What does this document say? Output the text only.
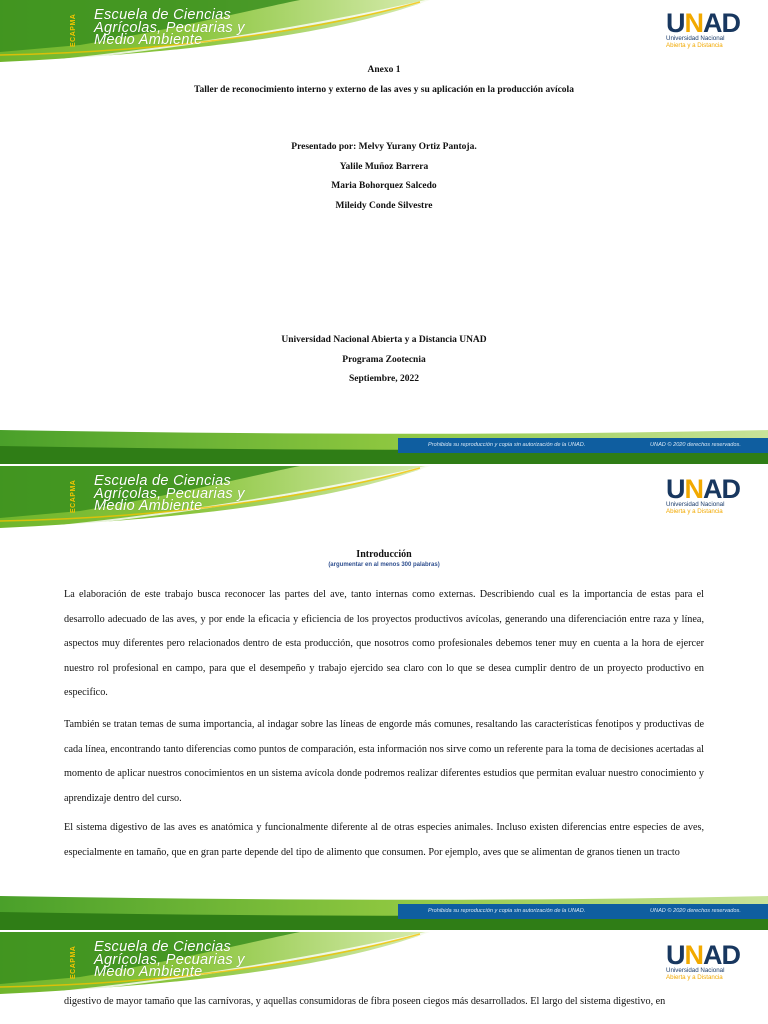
ECAPMA	Escuela de Ciencias
Agrícolas, Pecuarias y
Medio Ambiente
UNAD
Universidad Nacional
Abierta y a Distancia
Anexo 1
Taller de reconocimiento interno y externo de las aves y su aplicación en la producción avícola
Presentado por: Melvy Yurany Ortiz Pantoja.
Yalile Muñoz Barrera
Maria Bohorquez Salcedo
Mileidy Conde Silvestre
Universidad Nacional Abierta y a Distancia UNAD
Programa Zootecnia
Septiembre, 2022
Prohibida su reproducción y copia sin autorización de la UNAD.	UNAD © 2020 derechos reservados.
ECAPMA	Escuela de Ciencias
Agrícolas, Pecuarias y
Medio Ambiente
UNAD
Universidad Nacional
Abierta y a Distancia
Introducción
(argumentar en al menos 300 palabras)
La elaboración de este trabajo busca reconocer las partes del ave, tanto internas como externas. Describiendo cual es la importancia de estas para el desarrollo adecuado de las aves, y por ende la eficacia y eficiencia de los proyectos productivos avícolas, generando una diferenciación entre raza y línea, aspectos muy diferentes pero relacionados dentro de esta producción, que nosotros como profesionales debemos tener muy en cuenta a la hora de ejercer nuestro rol profesional en campo, para que el desempeño y trabajo ejercido sea claro con lo que se desea cumplir dentro de un proyecto productivo en especifico.
También se tratan temas de suma importancia, al indagar sobre las líneas de engorde más comunes, resaltando las características fenotipos y productivas de cada línea, encontrando tanto diferencias como puntos de comparación, esta información nos sirve como un referente para la toma de decisiones acertadas al momento de aplicar nuestros conocimientos en un sistema avícola donde podremos realizar diferentes estudios que permitan evaluar nuestro conocimiento y aprendizaje dentro del curso.
El sistema digestivo de las aves es anatómica y funcionalmente diferente al de otras especies animales. Incluso existen diferencias entre especies de aves, especialmente en tamaño, que en gran parte depende del tipo de alimento que consumen. Por ejemplo, aves que se alimentan de granos tienen un tracto
Prohibida su reproducción y copia sin autorización de la UNAD.	UNAD © 2020 derechos reservados.
ECAPMA	Escuela de Ciencias
Agrícolas, Pecuarias y
Medio Ambiente
UNAD
Universidad Nacional
Abierta y a Distancia
digestivo de mayor tamaño que las carnívoras, y aquellas consumidoras de fibra poseen ciegos más desarrollados. El largo del sistema digestivo, en
